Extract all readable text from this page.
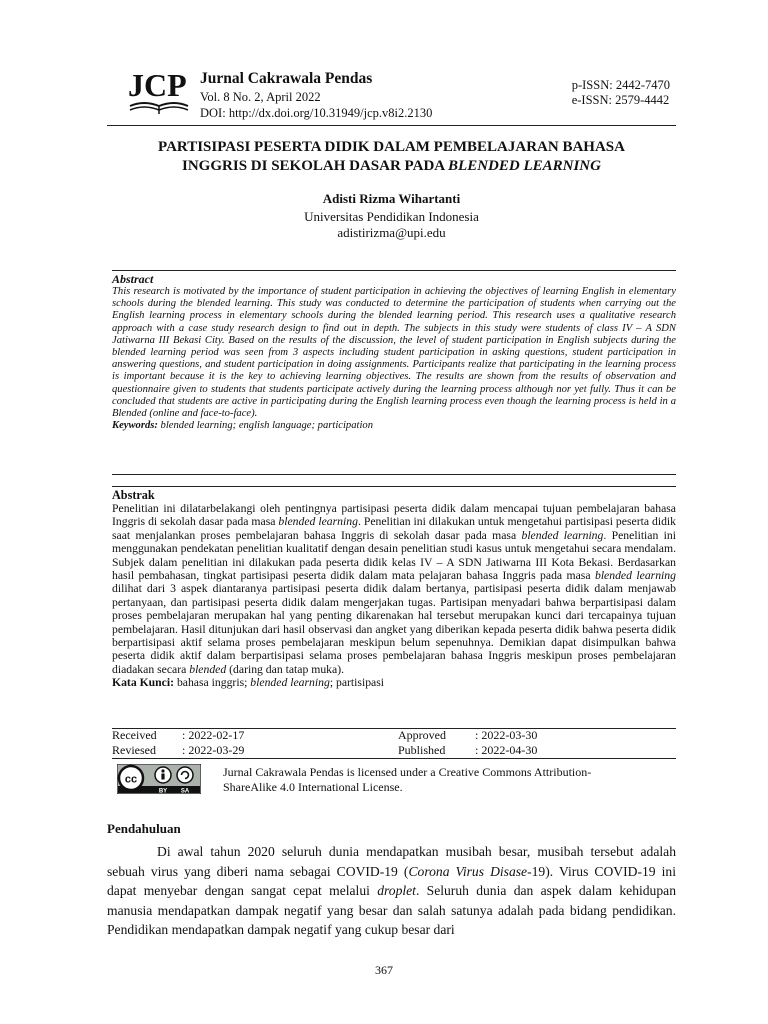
JCP Jurnal Cakrawala Pendas
Vol. 8 No. 2, April 2022
DOI: http://dx.doi.org/10.31949/jcp.v8i2.2130
p-ISSN: 2442-7470
e-ISSN: 2579-4442
PARTISIPASI PESERTA DIDIK DALAM PEMBELAJARAN BAHASA
INGGRIS DI SEKOLAH DASAR PADA BLENDED LEARNING
Adisti Rizma Wihartanti
Universitas Pendidikan Indonesia
adistirizma@upi.edu
Abstract

This research is motivated by the importance of student participation in achieving the objectives of learning English in elementary schools during the blended learning. This study was conducted to determine the participation of students when carrying out the English learning process in elementary schools during the blended learning period. This research uses a qualitative research approach with a case study research design to find out in depth. The subjects in this study were students of class IV – A SDN Jatiwarna III Bekasi City. Based on the results of the discussion, the level of student participation in English subjects during the blended learning period was seen from 3 aspects including student participation in asking questions, student participation in answering questions, and student participation in doing assignments. Participants realize that participating in the learning process is important because it is the key to achieving learning objectives. The results are shown from the results of observation and questionnaire given to students that students participate actively during the learning process although nor yet fully. Thus it can be concluded that students are active in participating during the English learning process even though the learning process is held in a Blended (online and face-to-face).

Keywords: blended learning; english language; participation

Abstrak

Penelitian ini dilatarbelakangi oleh pentingnya partisipasi peserta didik dalam mencapai tujuan pembelajaran bahasa Inggris di sekolah dasar pada masa blended learning. Penelitian ini dilakukan untuk mengetahui partisipasi peserta didik saat menjalankan proses pembelajaran bahasa Inggris di sekolah dasar pada masa blended learning. Penelitian ini menggunakan pendekatan penelitian kualitatif dengan desain penelitian studi kasus untuk mengetahui secara mendalam. Subjek dalam penelitian ini dilakukan pada peserta didik kelas IV – A SDN Jatiwarna III Kota Bekasi. Berdasarkan hasil pembahasan, tingkat partisipasi peserta didik dalam mata pelajaran bahasa Inggris pada masa blended learning dilihat dari 3 aspek diantaranya partisipasi peserta didik dalam bertanya, partisipasi peserta didik dalam menjawab pertanyaan, dan partisipasi peserta didik dalam mengerjakan tugas. Partisipan menyadari bahwa berpartisipasi dalam proses pembelajaran merupakan hal yang penting dikarenakan hal tersebut merupakan kunci dari tercapainya tujuan pembelajaran. Hasil ditunjukan dari hasil observasi dan angket yang diberikan kepada peserta didik bahwa peserta didik berpartisipasi aktif selama proses pembelajaran meskipun belum sepenuhnya. Demikian dapat disimpulkan bahwa peserta didik aktif dalam berpartisipasi selama proses pembelajaran bahasa Inggris meskipun proses pembelajaran diadakan secara blended (daring dan tatap muka).

Kata Kunci: bahasa inggris; blended learning; partisipasi

Received	: 2022-02-17	Approved	: 2022-03-30
Reviesed	: 2022-03-29	Published	: 2022-04-30
cc
BY SA
Jurnal Cakrawala Pendas is licensed under a Creative Commons Attribution-ShareAlike 4.0 International License.
Pendahuluan

Di awal tahun 2020 seluruh dunia mendapatkan musibah besar, musibah tersebut adalah sebuah virus yang diberi nama sebagai COVID-19 (Corona Virus Disase-19). Virus COVID-19 ini dapat menyebar dengan sangat cepat melalui droplet. Seluruh dunia dan aspek dalam kehidupan manusia mendapatkan dampak negatif yang besar dan salah satunya adalah pada bidang pendidikan. Pendidikan mendapatkan dampak negatif yang cukup besar dari

367
